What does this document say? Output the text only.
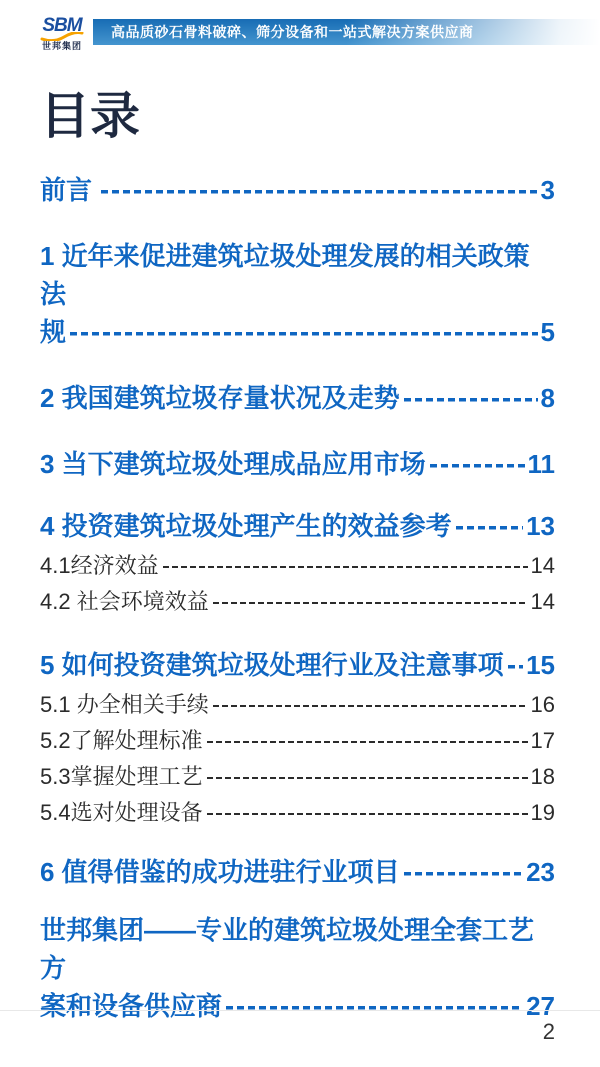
SBM
世邦集团
高品质砂石骨料破碎、筛分设备和一站式解决方案供应商
目录
前言	3
1 近年来促进建筑垃圾处理发展的相关政策法
规	5
2 我国建筑垃圾存量状况及走势	8
3 当下建筑垃圾处理成品应用市场	11
4 投资建筑垃圾处理产生的效益参考	13
4.1经济效益	14
4.2 社会环境效益	14
5 如何投资建筑垃圾处理行业及注意事项 15
5.1 办全相关手续	16
5.2了解处理标准	17
5.3掌握处理工艺	18
5.4选对处理设备	19
6 值得借鉴的成功进驻行业项目	23
世邦集团——专业的建筑垃圾处理全套工艺方
案和设备供应商	27
2
